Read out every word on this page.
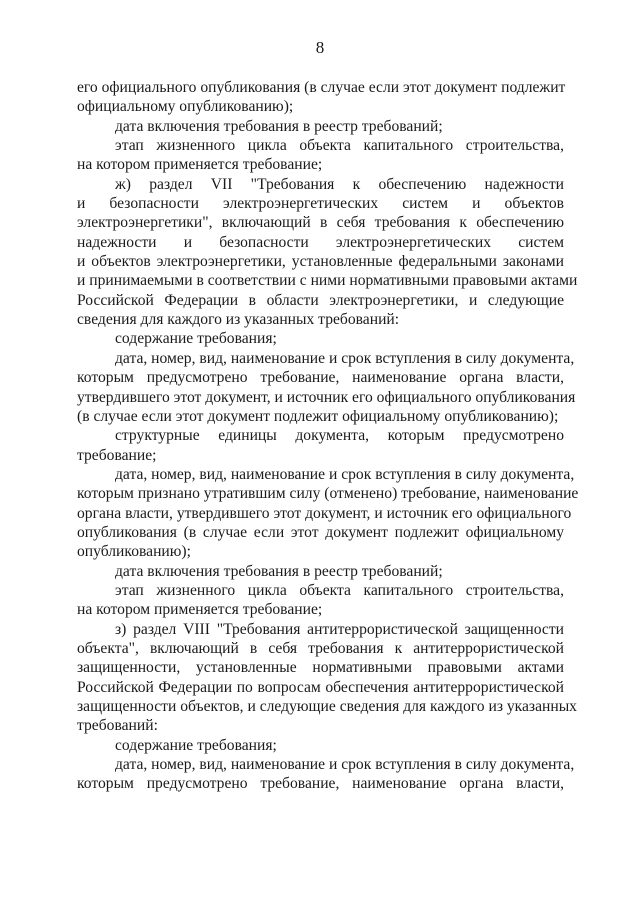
8
его официального опубликования (в случае если этот документ подлежит
официальному опубликованию);
дата включения требования в реестр требований;
этап жизненного цикла объекта капитального строительства,
на котором применяется требование;
ж) раздел VII "Требования к обеспечению надежности
и безопасности электроэнергетических систем и объектов
электроэнергетики", включающий в себя требования к обеспечению
надежности и безопасности электроэнергетических систем
и объектов электроэнергетики, установленные федеральными законами
и принимаемыми в соответствии с ними нормативными правовыми актами
Российской Федерации в области электроэнергетики, и следующие
сведения для каждого из указанных требований:
содержание требования;
дата, номер, вид, наименование и срок вступления в силу документа,
которым предусмотрено требование, наименование органа власти,
утвердившего этот документ, и источник его официального опубликования
(в случае если этот документ подлежит официальному опубликованию);
структурные единицы документа, которым предусмотрено
требование;
дата, номер, вид, наименование и срок вступления в силу документа,
которым признано утратившим силу (отменено) требование, наименование
органа власти, утвердившего этот документ, и источник его официального
опубликования (в случае если этот документ подлежит официальному
опубликованию);
дата включения требования в реестр требований;
этап жизненного цикла объекта капитального строительства,
на котором применяется требование;
з) раздел VIII "Требования антитеррористической защищенности
объекта", включающий в себя требования к антитеррористической
защищенности, установленные нормативными правовыми актами
Российской Федерации по вопросам обеспечения антитеррористической
защищенности объектов, и следующие сведения для каждого из указанных
требований:
содержание требования;
дата, номер, вид, наименование и срок вступления в силу документа,
которым предусмотрено требование, наименование органа власти,
